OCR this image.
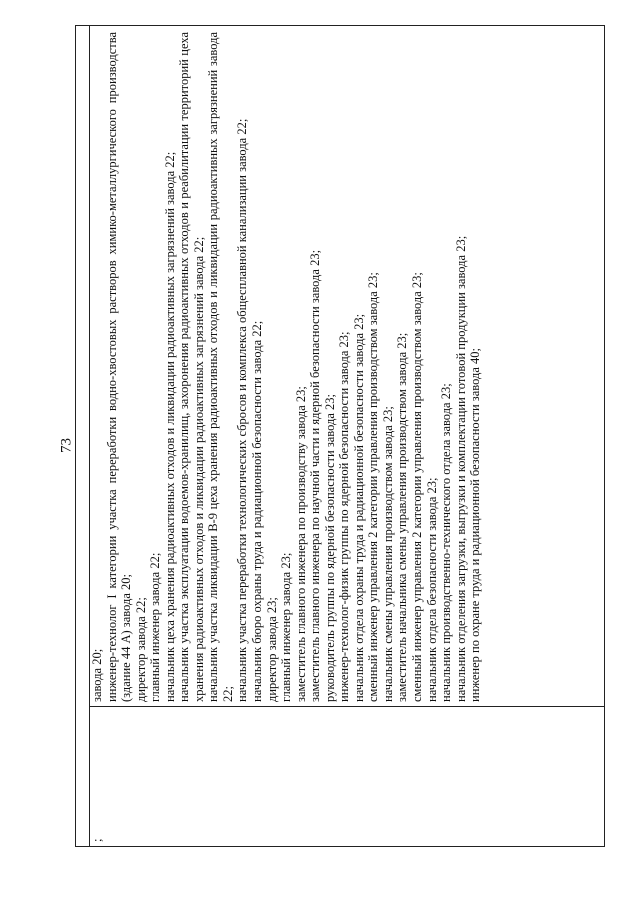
73
;
завода 20; инженер-технолог I категории участка переработки водно-хвостовых растворов химико-металлургического производства (здание 44 А) завода 20; директор завода 22; главный инженер завода 22; начальник цеха хранения радиоактивных отходов и ликвидации радиоактивных загрязнений завода 22; начальник участка эксплуатации водоемов-хранилищ, захоронения радиоактивных отходов и реабилитации территорий цеха хранения радиоактивных отходов и ликвидации радиоактивных загрязнений завода 22; начальник участка ликвидации В-9 цеха хранения радиоактивных отходов и ликвидации радиоактивных загрязнений завода 22; начальник участка переработки технологических сбросов и комплекса общесплавной канализации завода 22; начальник бюро охраны труда и радиационной безопасности завода 22; директор завода 23; главный инженер завода 23; заместитель главного инженера по производству завода 23; заместитель главного инженера по научной части и ядерной безопасности завода 23; руководитель группы по ядерной безопасности завода 23; инженер-технолог-физик группы по ядерной безопасности завода 23; начальник отдела охраны труда и радиационной безопасности завода 23; сменный инженер управления 2 категории управления производством завода 23; начальник смены управления производством завода 23; заместитель начальника смены управления производством завода 23; сменный инженер управления 2 категории управления производством завода 23; начальник отдела безопасности завода 23; начальник производственно-технического отдела завода 23; начальник отделения загрузки, выгрузки и комплектации готовой продукции завода 23; инженер по охране труда и радиационной безопасности завода 40;
